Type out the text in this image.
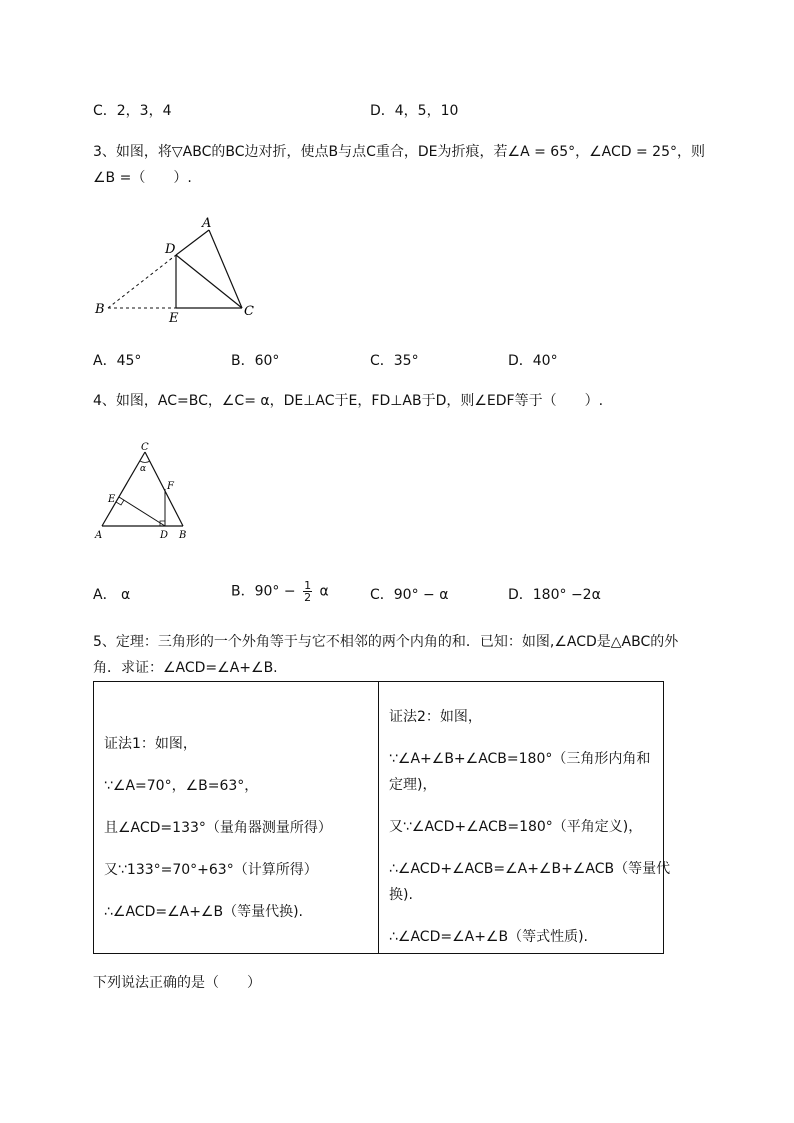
C．2，3，4	D．4，5，10
3、如图，将▽ABC的BC边对折，使点B与点C重合，DE为折痕，若∠A = 65°，∠ACD = 25°，则
∠B =（　　）.
A
D
B
E	C
A．45°	B．60°	C．35°	D．40°
4、如图，AC=BC，∠C= α，DE⊥AC于E，FD⊥AB于D，则∠EDF等于（　　）.
C
α
F
E
A	D B
A． α	B．$90^\circ - \frac{1}{2}$ α	C．90° − α	D．180° −2α
5、定理：三角形的一个外角等于与它不相邻的两个内角的和．已知：如图,∠ACD是△ABC的外
角．求证：∠ACD=∠A+∠B.
证法1：如图，
∵∠A=70°，∠B=63°，
且∠ACD=133°（量角器测量所得）
又∵133°=70°+63°（计算所得）
∴∠ACD=∠A+∠B（等量代换).

证法2：如图，
∵∠A+∠B+∠ACB=180°（三角形内角和
定理)，
又∵∠ACD+∠ACB=180°（平角定义)，
∴∠ACD+∠ACB=∠A+∠B+∠ACB（等量代
换).
∴∠ACD=∠A+∠B（等式性质).
下列说法正确的是（　　）
